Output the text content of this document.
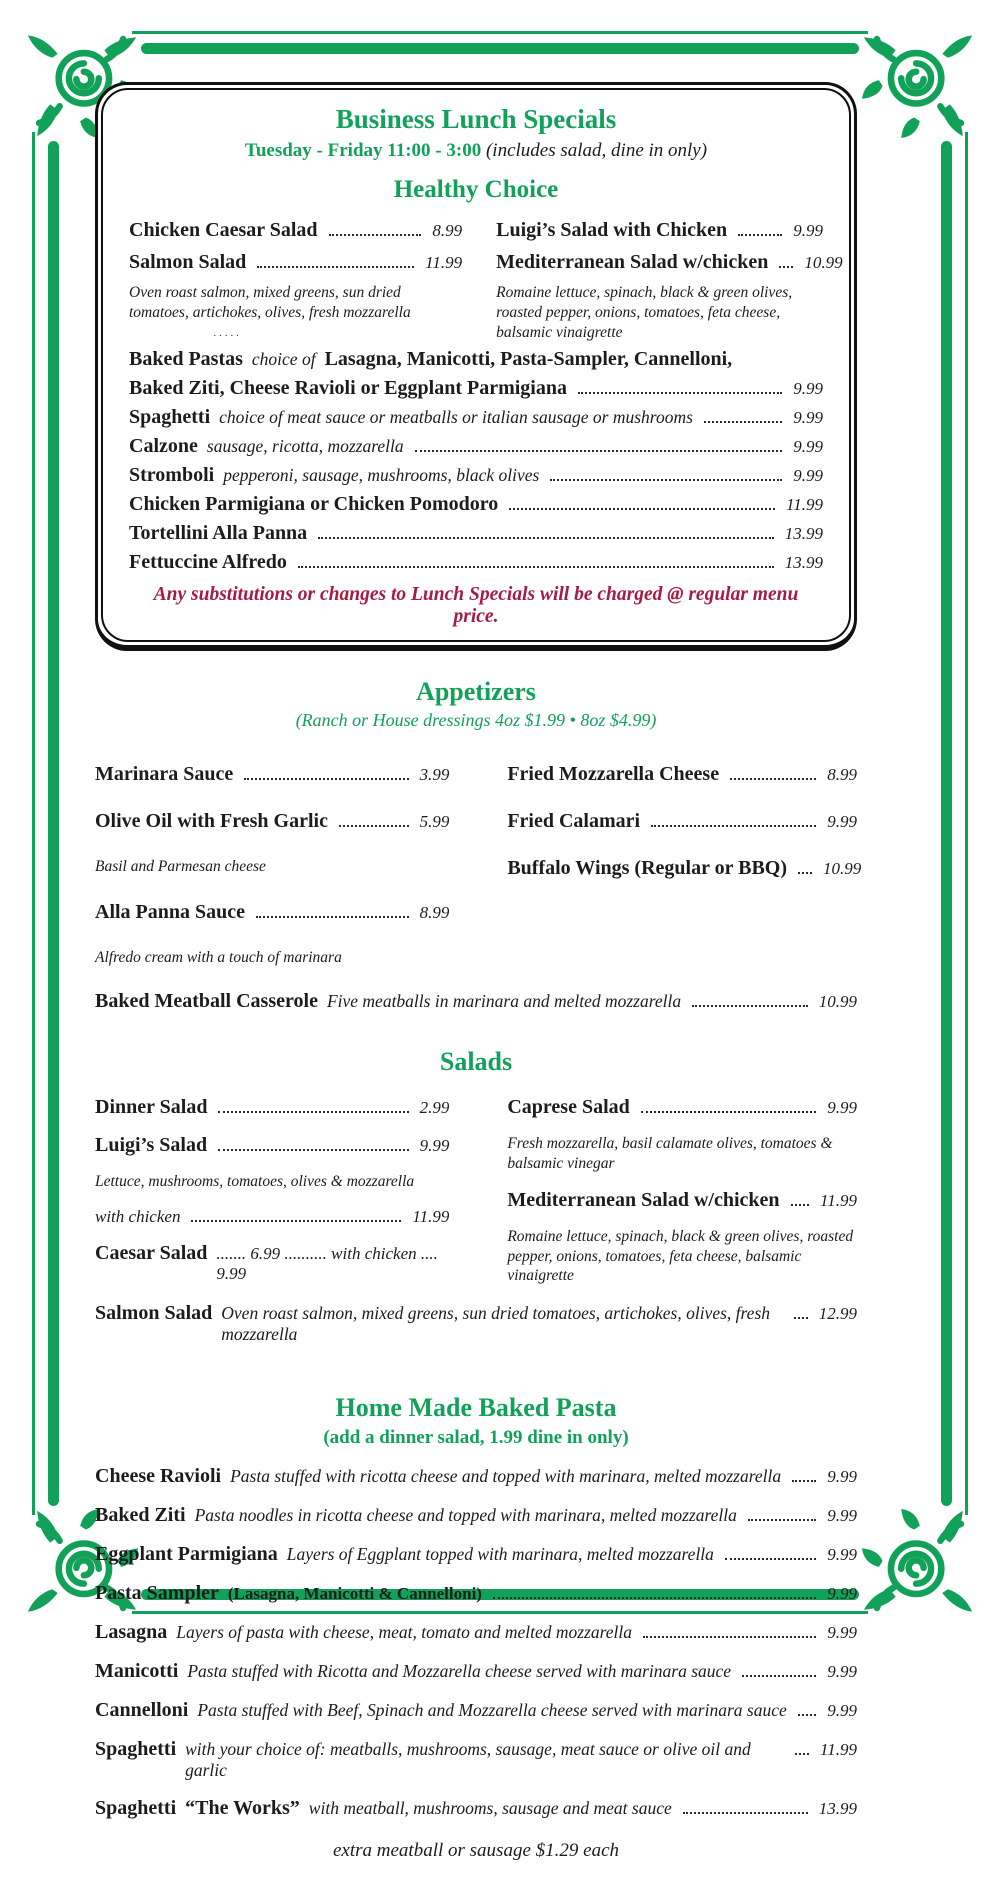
Business Lunch Specials
Tuesday - Friday 11:00 - 3:00 (includes salad, dine in only)
Healthy Choice
Chicken Caesar Salad	8.99
Salmon Salad	11.99
Oven roast salmon, mixed greens, sun dried tomatoes, artichokes, olives, fresh mozzarella
Luigi’s Salad with Chicken	9.99
Mediterranean Salad w/chicken 10.99
Romaine lettuce, spinach, black & green olives, roasted pepper, onions, tomatoes, feta cheese, balsamic vinaigrette
Baked Pastas choice of Lasagna, Manicotti, Pasta-Sampler, Cannelloni,
Baked Ziti, Cheese Ravioli or Eggplant Parmigiana	9.99
Spaghetti choice of meat sauce or meatballs or italian sausage or mushrooms	9.99
Calzone sausage, ricotta, mozzarella	9.99
Stromboli pepperoni, sausage, mushrooms, black olives	9.99
Chicken Parmigiana or Chicken Pomodoro	11.99
Tortellini Alla Panna	13.99
Fettuccine Alfredo	13.99
·····

Any substitutions or changes to Lunch Specials will be charged @ regular menu price.

Appetizers
(Ranch or House dressings 4oz $1.99 • 8oz $4.99)
Marinara Sauce	3.99
Olive Oil with Fresh Garlic	5.99
Basil and Parmesan cheese
Alla Panna Sauce	8.99
Alfredo cream with a touch of marinara
Fried Mozzarella Cheese	8.99
Fried Calamari	9.99
Buffalo Wings (Regular or BBQ) 10.99
Baked Meatball Casserole Five meatballs in marinara and melted mozzarella	10.99
Salads
Dinner Salad	2.99
Luigi’s Salad	9.99
Lettuce, mushrooms, tomatoes, olives & mozzarella
with chicken	11.99
Caesar Salad ....... 6.99 .......... with chicken .... 9.99
Caprese Salad	9.99
Fresh mozzarella, basil calamate olives, tomatoes & balsamic vinegar
Mediterranean Salad w/chicken 11.99
Romaine lettuce, spinach, black & green olives, roasted pepper, onions, tomatoes, feta cheese, balsamic vinaigrette
Salmon Salad Oven roast salmon, mixed greens, sun dried tomatoes, artichokes, olives, fresh mozzarella
12.99
Home Made Baked Pasta
(add a dinner salad, 1.99 dine in only)
Cheese Ravioli Pasta stuffed with ricotta cheese and topped with marinara, melted mozzarella	9.99
Baked Ziti Pasta noodles in ricotta cheese and topped with marinara, melted mozzarella	9.99
Eggplant Parmigiana Layers of Eggplant topped with marinara, melted mozzarella	9.99
Pasta Sampler (Lasagna, Manicotti & Cannelloni)	9.99
Lasagna Layers of pasta with cheese, meat, tomato and melted mozzarella	9.99
Manicotti Pasta stuffed with Ricotta and Mozzarella cheese served with marinara sauce	9.99
Cannelloni Pasta stuffed with Beef, Spinach and Mozzarella cheese served with marinara sauce 9.99
Spaghetti with your choice of: meatballs, mushrooms, sausage, meat sauce or olive oil and garlic
11.99
Spaghetti “The Works” with meatball, mushrooms, sausage and meat sauce	13.99

extra meatball or sausage $1.29 each
